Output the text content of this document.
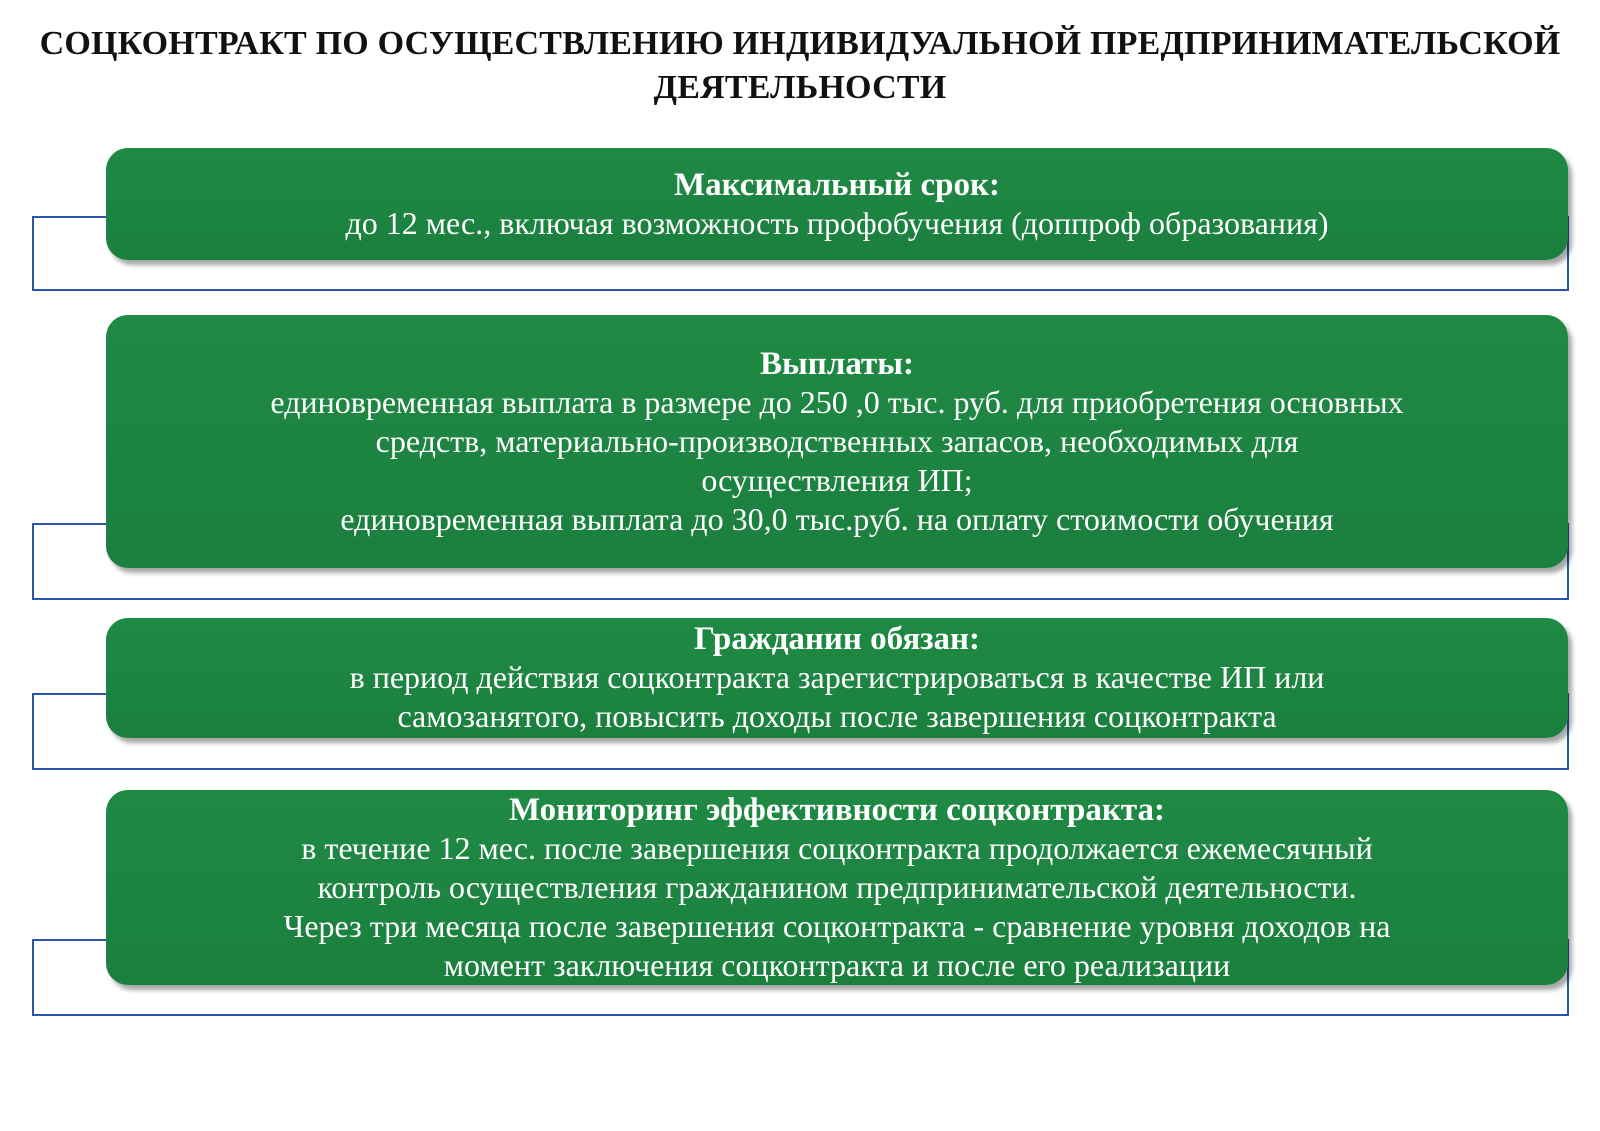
СОЦКОНТРАКТ ПО ОСУЩЕСТВЛЕНИЮ ИНДИВИДУАЛЬНОЙ ПРЕДПРИНИМАТЕЛЬСКОЙ
ДЕЯТЕЛЬНОСТИ
Максимальный срок:
до 12 мес., включая возможность профобучения (доппроф образования)
Выплаты:
единовременная выплата в размере до 250 ,0 тыс. руб. для приобретения основных
средств, материально-производственных запасов, необходимых для
осуществления ИП;
единовременная выплата до 30,0 тыс.руб. на оплату стоимости обучения
Гражданин обязан:
в период действия соцконтракта зарегистрироваться в качестве ИП или
самозанятого, повысить доходы после завершения соцконтракта
Мониторинг эффективности соцконтракта:
в течение 12 мес. после завершения соцконтракта продолжается ежемесячный
контроль осуществления гражданином предпринимательской деятельности.
Через три месяца после завершения соцконтракта - сравнение уровня доходов на
момент заключения соцконтракта и после его реализации
